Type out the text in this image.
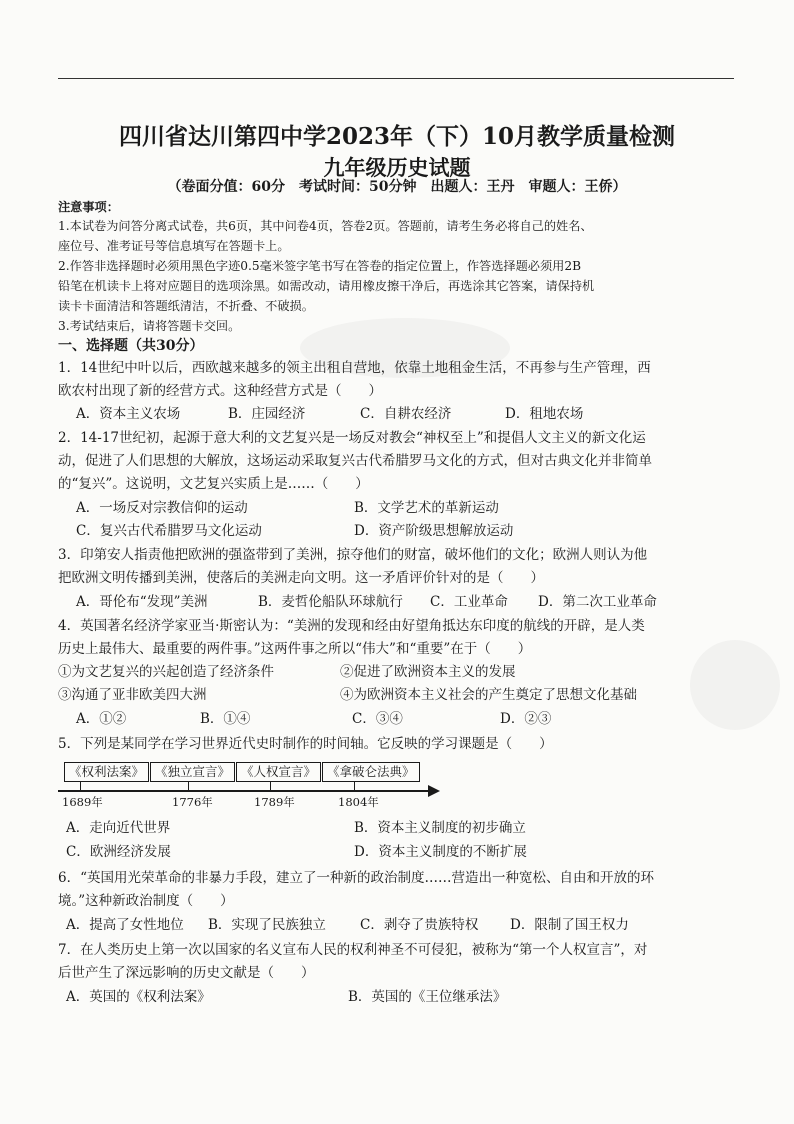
四川省达川第四中学2023年（下）10月教学质量检测
九年级历史试题
（卷面分值：60分　考试时间：50分钟　出题人：王丹　审题人：王侨）
注意事项：
1.本试卷为问答分离式试卷，共6页，其中问卷4页，答卷2页。答题前，请考生务必将自己的姓名、
座位号、准考证号等信息填写在答题卡上。
2.作答非选择题时必须用黑色字迹0.5毫米签字笔书写在答卷的指定位置上，作答选择题必须用2B
铅笔在机读卡上将对应题目的选项涂黑。如需改动，请用橡皮擦干净后，再选涂其它答案，请保持机
读卡卡面清洁和答题纸清洁，不折叠、不破损。
3.考试结束后，请将答题卡交回。
一、选择题（共30分）
1．14世纪中叶以后，西欧越来越多的领主出租自营地，依靠土地租金生活，不再参与生产管理，西
欧农村出现了新的经营方式。这种经营方式是（　　）
A．资本主义农场	B．庄园经济	C．自耕农经济	D．租地农场
2．14-17世纪初，起源于意大利的文艺复兴是一场反对教会“神权至上”和提倡人文主义的新文化运
动，促进了人们思想的大解放，这场运动采取复兴古代希腊罗马文化的方式，但对古典文化并非简单
的“复兴”。这说明，文艺复兴实质上是……（　　）
A．一场反对宗教信仰的运动	B．文学艺术的革新运动
C．复兴古代希腊罗马文化运动	D．资产阶级思想解放运动
3．印第安人指责他把欧洲的强盗带到了美洲，掠夺他们的财富，破坏他们的文化；欧洲人则认为他
把欧洲文明传播到美洲，使落后的美洲走向文明。这一矛盾评价针对的是（　　）
A．哥伦布“发现”美洲	B．麦哲伦船队环球航行 C．工业革命 D．第二次工业革命
4．英国著名经济学家亚当·斯密认为：“美洲的发现和经由好望角抵达东印度的航线的开辟，是人类
历史上最伟大、最重要的两件事。”这两件事之所以“伟大”和“重要”在于（　　）
①为文艺复兴的兴起创造了经济条件	②促进了欧洲资本主义的发展
③沟通了亚非欧美四大洲	④为欧洲资本主义社会的产生奠定了思想文化基础
A．①②	B．①④	C．③④	D．②③
5．下列是某同学在学习世界近代史时制作的时间轴。它反映的学习课题是（　　）
《权利法案》
1689年
《独立宣言》
1776年
《人权宣言》
1789年
《拿破仑法典》
1804年
A．走向近代世界	B．资本主义制度的初步确立
C．欧洲经济发展	D．资本主义制度的不断扩展
6．“英国用光荣革命的非暴力手段，建立了一种新的政治制度……营造出一种宽松、自由和开放的环
境。”这种新政治制度（　　）
A．提高了女性地位 B．实现了民族独立	C．剥夺了贵族特权 D．限制了国王权力
7．在人类历史上第一次以国家的名义宣布人民的权利神圣不可侵犯，被称为“第一个人权宣言”，对
后世产生了深远影响的历史文献是（　　）
A．英国的《权利法案》	B．英国的《王位继承法》
